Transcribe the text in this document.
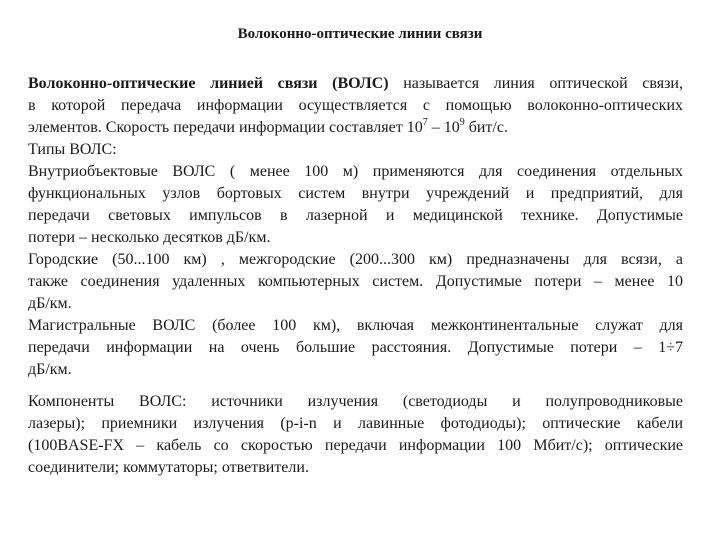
Волоконно-оптические линии связи
Волоконно-оптические линией связи (ВОЛС) называется линия оптической связи,
в которой передача информации осуществляется с помощью волоконно-оптических
элементов. Скорость передачи информации составляет $10^7 - 10^9$ бит/с.
Типы ВОЛС:
Внутриобъектовые ВОЛС ( менее 100 м) применяются для соединения отдельных
функциональных узлов бортовых систем внутри учреждений и предприятий, для
передачи световых импульсов в лазерной и медицинской технике. Допустимые
потери – несколько десятков дБ/км.
Городские (50...100 км) , межгородские (200...300 км) предназначены для всязи, а
также соединения удаленных компьютерных систем. Допустимые потери – менее 10
дБ/км.
Магистральные ВОЛС (более 100 км), включая межконтинентальные служат для
передачи информации на очень большие расстояния. Допустимые потери – 1÷7
дБ/км.
Компоненты ВОЛС: источники излучения (светодиоды и полупроводниковые
лазеры); приемники излучения (p-i-n и лавинные фотодиоды); оптические кабели
(100BASE-FX – кабель со скоростью передачи информации 100 Мбит/с); оптические
соединители; коммутаторы; ответвители.
